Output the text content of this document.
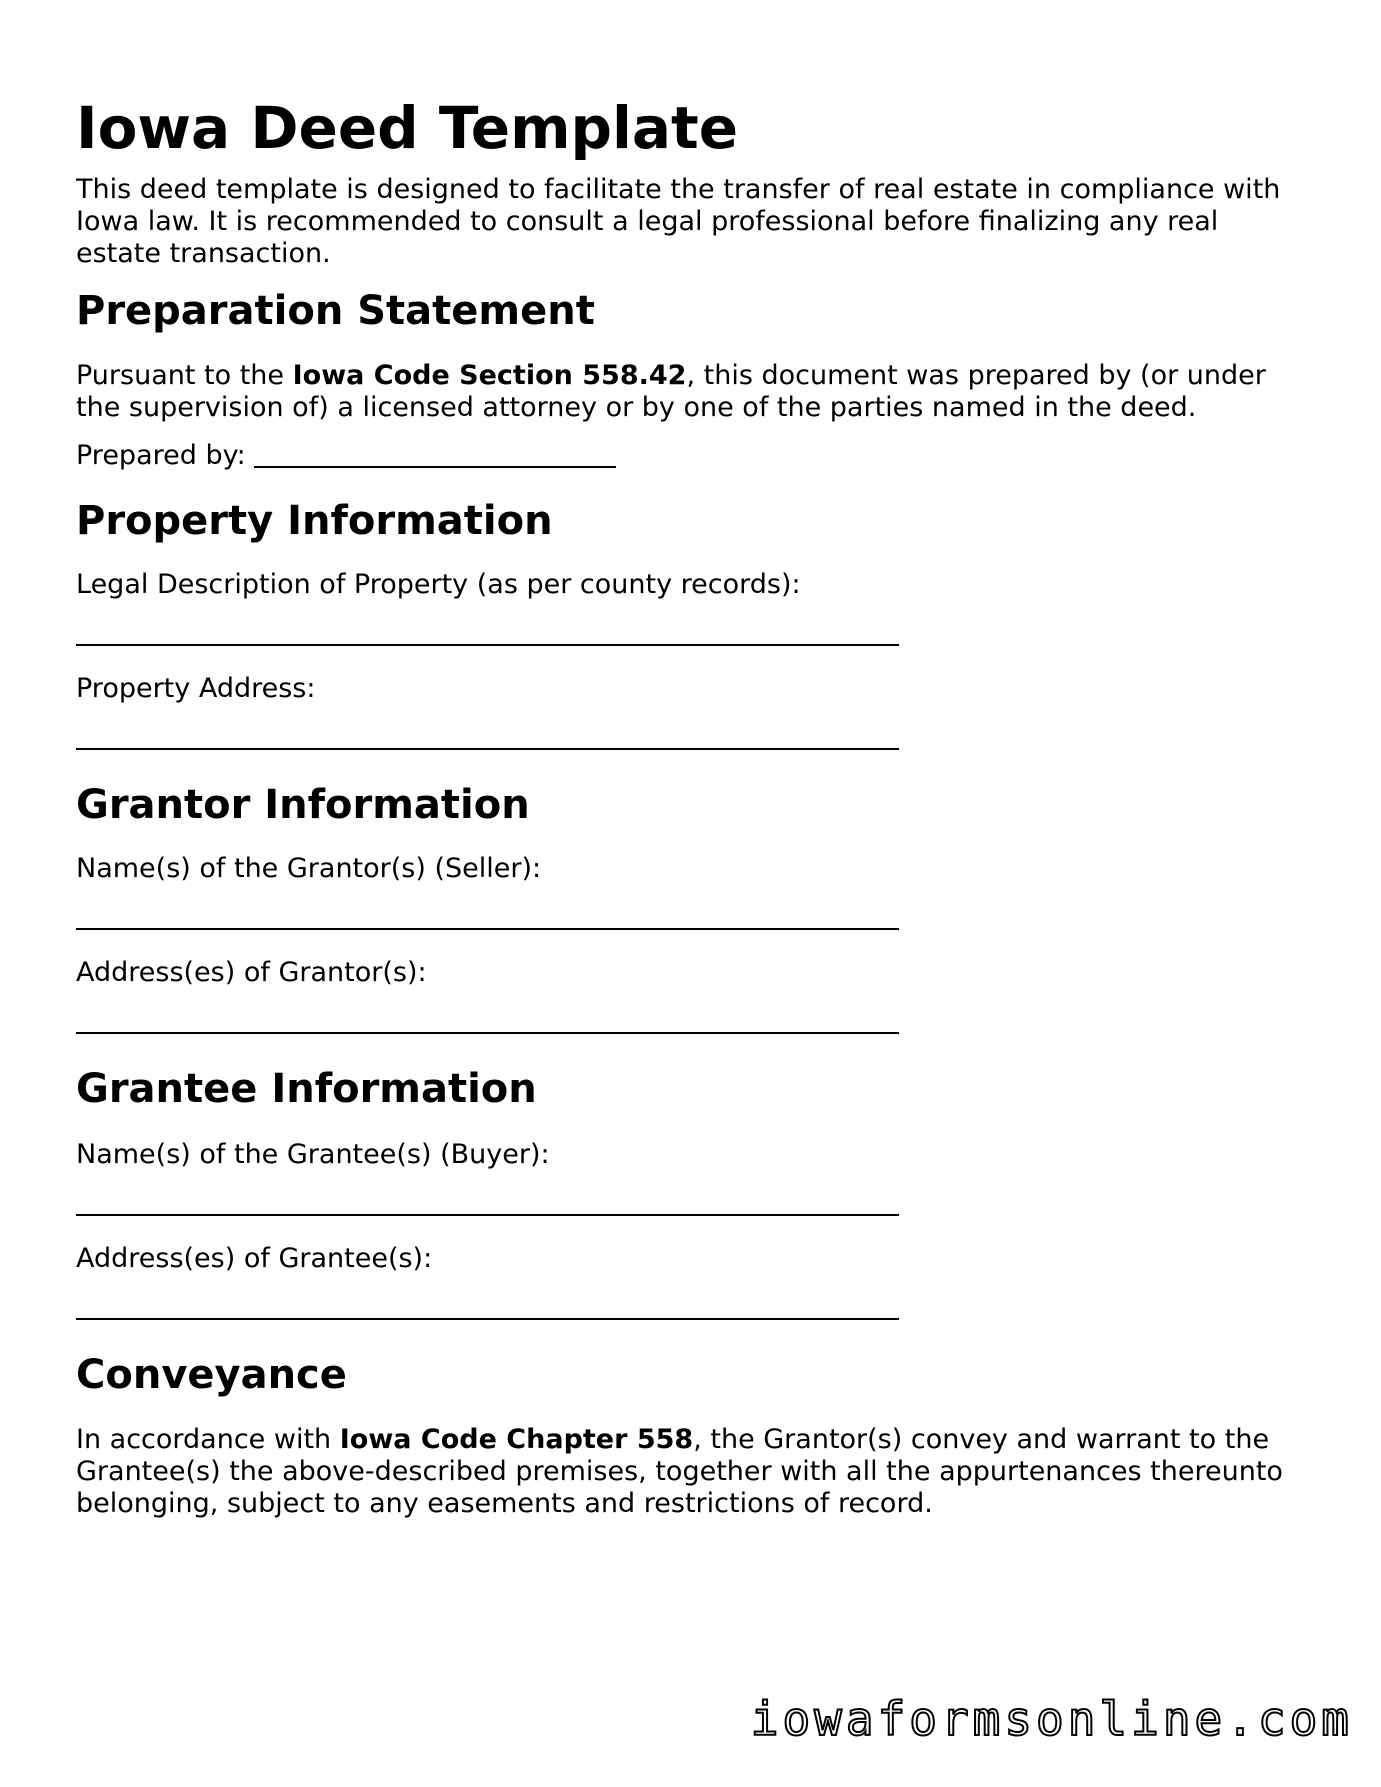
Iowa Deed Template

This deed template is designed to facilitate the transfer of real estate in compliance with Iowa law. It is recommended to consult a legal professional before finalizing any real estate transaction.

Preparation Statement

Pursuant to the Iowa Code Section 558.42, this document was prepared by (or under the supervision of) a licensed attorney or by one of the parties named in the deed.

Prepared by:
Property Information
Legal Description of Property (as per county records):
Property Address:
Grantor Information
Name(s) of the Grantor(s) (Seller):
Address(es) of Grantor(s):
Grantee Information
Name(s) of the Grantee(s) (Buyer):
Address(es) of Grantee(s):
Conveyance

In accordance with Iowa Code Chapter 558, the Grantor(s) convey and warrant to the Grantee(s) the above-described premises, together with all the appurtenances thereunto belonging, subject to any easements and restrictions of record.

iowaformsonline.com
